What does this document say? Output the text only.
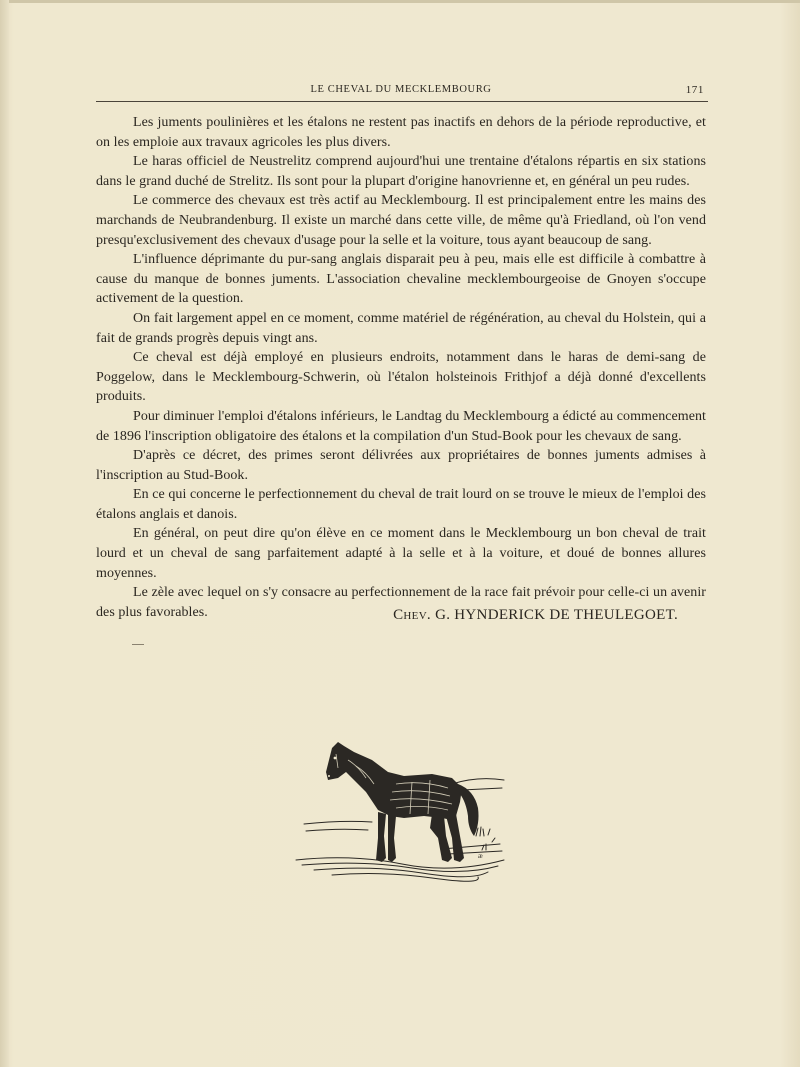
LE CHEVAL DU MECKLEMBOURG	171

Les juments poulinières et les étalons ne restent pas inactifs en dehors de la période reproductive, et on les emploie aux travaux agricoles les plus divers.

Le haras officiel de Neustrelitz comprend aujourd'hui une trentaine d'étalons répartis en six stations dans le grand duché de Strelitz. Ils sont pour la plupart d'origine hanovrienne et, en général un peu rudes.

Le commerce des chevaux est très actif au Mecklembourg. Il est principalement entre les mains des marchands de Neubrandenburg. Il existe un marché dans cette ville, de même qu'à Friedland, où l'on vend presqu'exclusivement des chevaux d'usage pour la selle et la voiture, tous ayant beaucoup de sang.

L'influence déprimante du pur-sang anglais disparait peu à peu, mais elle est difficile à combattre à cause du manque de bonnes juments. L'association chevaline mecklembourgeoise de Gnoyen s'occupe activement de la question.

On fait largement appel en ce moment, comme matériel de régénération, au cheval du Holstein, qui a fait de grands progrès depuis vingt ans.

Ce cheval est déjà employé en plusieurs endroits, notamment dans le haras de demi-sang de Poggelow, dans le Mecklembourg-Schwerin, où l'étalon holsteinois Frithjof a déjà donné d'excellents produits.

Pour diminuer l'emploi d'étalons inférieurs, le Landtag du Mecklembourg a édicté au commencement de 1896 l'inscription obligatoire des étalons et la compilation d'un Stud-Book pour les chevaux de sang.

D'après ce décret, des primes seront délivrées aux propriétaires de bonnes juments admises à l'inscription au Stud-Book.

En ce qui concerne le perfectionnement du cheval de trait lourd on se trouve le mieux de l'emploi des étalons anglais et danois.

En général, on peut dire qu'on élève en ce moment dans le Mecklembourg un bon cheval de trait lourd et un cheval de sang parfaitement adapté à la selle et à la voiture, et doué de bonnes allures moyennes.

Le zèle avec lequel on s'y consacre au perfectionnement de la race fait prévoir pour celle-ci un avenir des plus favorables.	Chev. G. HYNDERICK DE THEULEGOET.
æ
